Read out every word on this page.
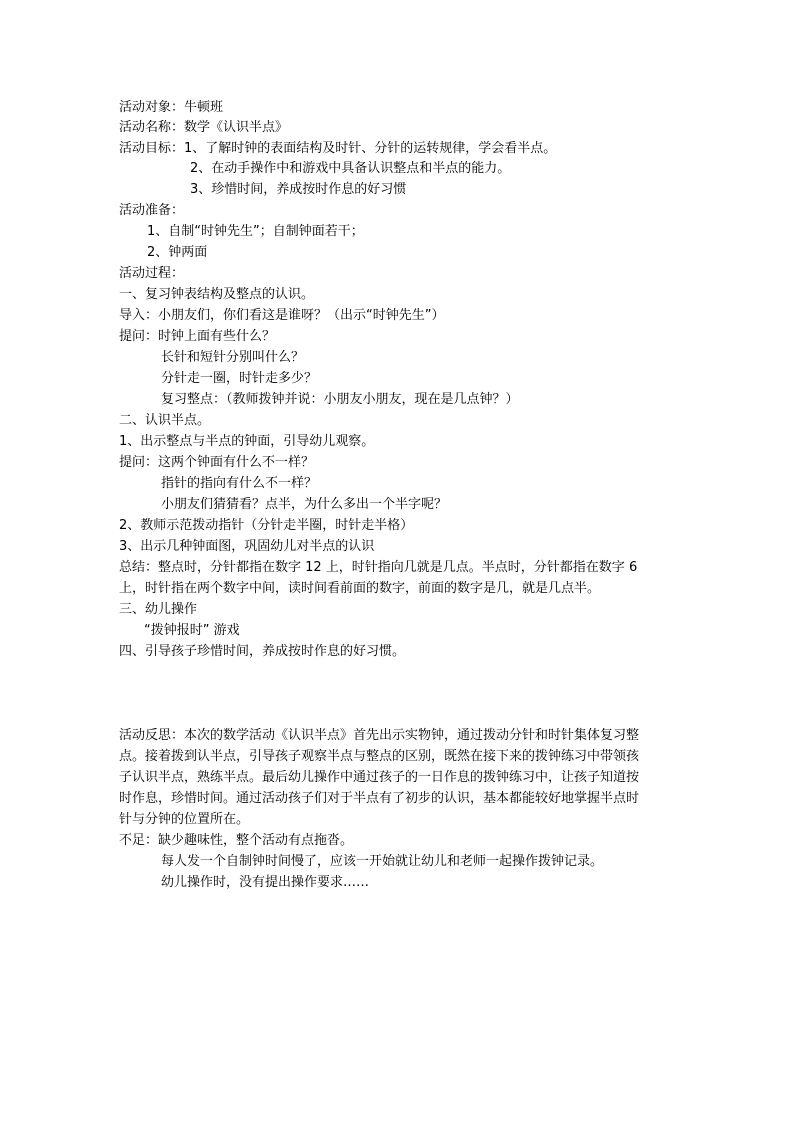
活动对象：牛顿班
活动名称：数学《认识半点》
活动目标：1、了解时钟的表面结构及时针、分针的运转规律，学会看半点。
2、在动手操作中和游戏中具备认识整点和半点的能力。
3、珍惜时间，养成按时作息的好习惯
活动准备：
1、自制“时钟先生”；自制钟面若干；
2、钟两面
活动过程：
一、复习钟表结构及整点的认识。
导入：小朋友们，你们看这是谁呀？（出示“时钟先生”）
提问：时钟上面有些什么？
长针和短针分别叫什么？
分针走一圈，时针走多少？
复习整点：（教师拨钟并说：小朋友小朋友，现在是几点钟？）
二、认识半点。
1、出示整点与半点的钟面，引导幼儿观察。
提问：这两个钟面有什么不一样？
指针的指向有什么不一样？
小朋友们猜猜看？点半，为什么多出一个半字呢？
2、教师示范拨动指针（分针走半圈，时针走半格）
3、出示几种钟面图，巩固幼儿对半点的认识
总结：整点时，分针都指在数字 12 上，时针指向几就是几点。半点时，分针都指在数字 6
上，时针指在两个数字中间，读时间看前面的数字，前面的数字是几，就是几点半。
三、幼儿操作
“拨钟报时” 游戏
四、引导孩子珍惜时间，养成按时作息的好习惯。
活动反思：本次的数学活动《认识半点》首先出示实物钟，通过拨动分针和时针集体复习整
点。接着拨到认半点，引导孩子观察半点与整点的区别，既然在接下来的拨钟练习中带领孩
子认识半点，熟练半点。最后幼儿操作中通过孩子的一日作息的拨钟练习中，让孩子知道按
时作息，珍惜时间。通过活动孩子们对于半点有了初步的认识，基本都能较好地掌握半点时
针与分钟的位置所在。
不足：缺少趣味性，整个活动有点拖沓。
每人发一个自制钟时间慢了，应该一开始就让幼儿和老师一起操作拨钟记录。
幼儿操作时，没有提出操作要求……
